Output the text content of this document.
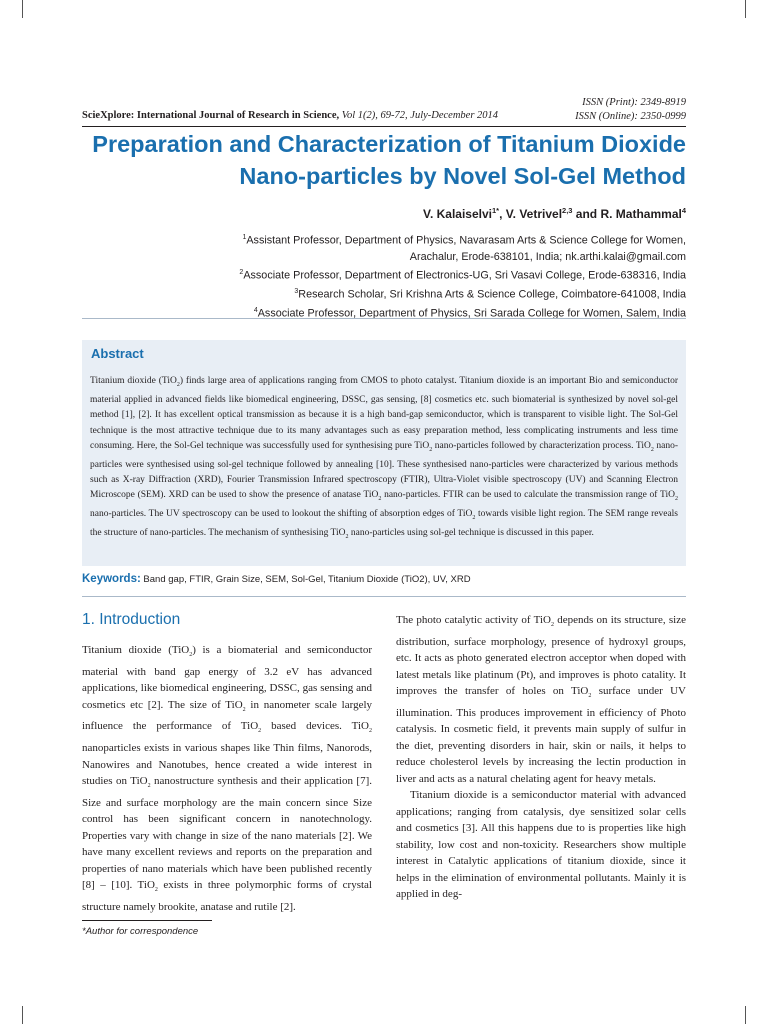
ISSN (Print): 2349-8919
ISSN (Online): 2350-0999
ScieXplore: International Journal of Research in Science, Vol 1(2), 69-72, July-December 2014
Preparation and Characterization of Titanium Dioxide
Nano-particles by Novel Sol-Gel Method
V. Kalaiselvi$^{1*}$, V. Vetrivel$^{2,3}$ and R. Mathammal$^4$
$^1$Assistant Professor, Department of Physics, Navarasam Arts & Science College for Women,
Arachalur, Erode-638101, India; nk.arthi.kalai@gmail.com
$^2$Associate Professor, Department of Electronics-UG, Sri Vasavi College, Erode-638316, India
$^3$Research Scholar, Sri Krishna Arts & Science College, Coimbatore-641008, India
$^4$Associate Professor, Department of Physics, Sri Sarada College for Women, Salem, India
Abstract
Titanium dioxide (TiO$_2$) finds large area of applications ranging from CMOS to photo catalyst. Titanium dioxide is an important Bio and semiconductor material applied in advanced fields like biomedical engineering, DSSC, gas sensing, [8] cosmetics etc. such biomaterial is synthesized by novel sol-gel method [1], [2]. It has excellent optical transmission as because it is a high band-gap semiconductor, which is transparent to visible light. The Sol-Gel technique is the most attractive technique due to its many advantages such as easy preparation method, less complicating instruments and less time consuming. Here, the Sol-Gel technique was successfully used for synthesising pure TiO$_2$ nano-particles followed by characterization process. TiO$_2$ nano-particles were synthesised using sol-gel technique followed by annealing [10]. These synthesised nano-particles were characterized by various methods such as X-ray Diffraction (XRD), Fourier Transmission Infrared spectroscopy (FTIR), Ultra-Violet visible spectroscopy (UV) and Scanning Electron Microscope (SEM). XRD can be used to show the presence of anatase TiO$_2$ nano-particles. FTIR can be used to calculate the transmission range of TiO$_2$ nano-particles. The UV spectroscopy can be used to lookout the shifting of absorption edges of TiO$_2$ towards visible light region. The SEM range reveals the structure of nano-particles. The mechanism of synthesising TiO$_2$ nano-particles using sol-gel technique is discussed in this paper.
Keywords: Band gap, FTIR, Grain Size, SEM, Sol-Gel, Titanium Dioxide (TiO2), UV, XRD
1. Introduction

Titanium dioxide (TiO$_2$) is a biomaterial and semiconductor material with band gap energy of 3.2 eV has advanced applications, like biomedical engineering, DSSC, gas sensing and cosmetics etc [2]. The size of TiO$_2$ in nanometer scale largely influence the performance of TiO$_2$ based devices. TiO$_2$ nanoparticles exists in various shapes like Thin films, Nanorods, Nanowires and Nanotubes, hence created a wide interest in studies on TiO$_2$ nanostructure synthesis and their application [7]. Size and surface morphology are the main concern since Size control has been significant concern in nanotechnology. Properties vary with change in size of the nano materials [2]. We have many excellent reviews and reports on the preparation and properties of nano materials which have been published recently [8] – [10]. TiO$_2$ exists in three polymorphic forms of crystal structure namely brookite, anatase and rutile [2].

The photo catalytic activity of TiO$_2$ depends on its structure, size distribution, surface morphology, presence of hydroxyl groups, etc. It acts as photo generated electron acceptor when doped with latest metals like platinum (Pt), and improves is photo catality. It improves the transfer of holes on TiO$_2$ surface under UV illumination. This produces improvement in efficiency of Photo catalysis. In cosmetic field, it prevents main supply of sulfur in the diet, preventing disorders in hair, skin or nails, it helps to reduce cholesterol levels by increasing the lectin production in liver and acts as a natural chelating agent for heavy metals.

Titanium dioxide is a semiconductor material with advanced applications; ranging from catalysis, dye sensitized solar cells and cosmetics [3]. All this happens due to is properties like high stability, low cost and non-toxicity. Researchers show multiple interest in Catalytic applications of titanium dioxide, since it helps in the elimination of environmental pollutants. Mainly it is applied in deg-

*Author for correspondence
